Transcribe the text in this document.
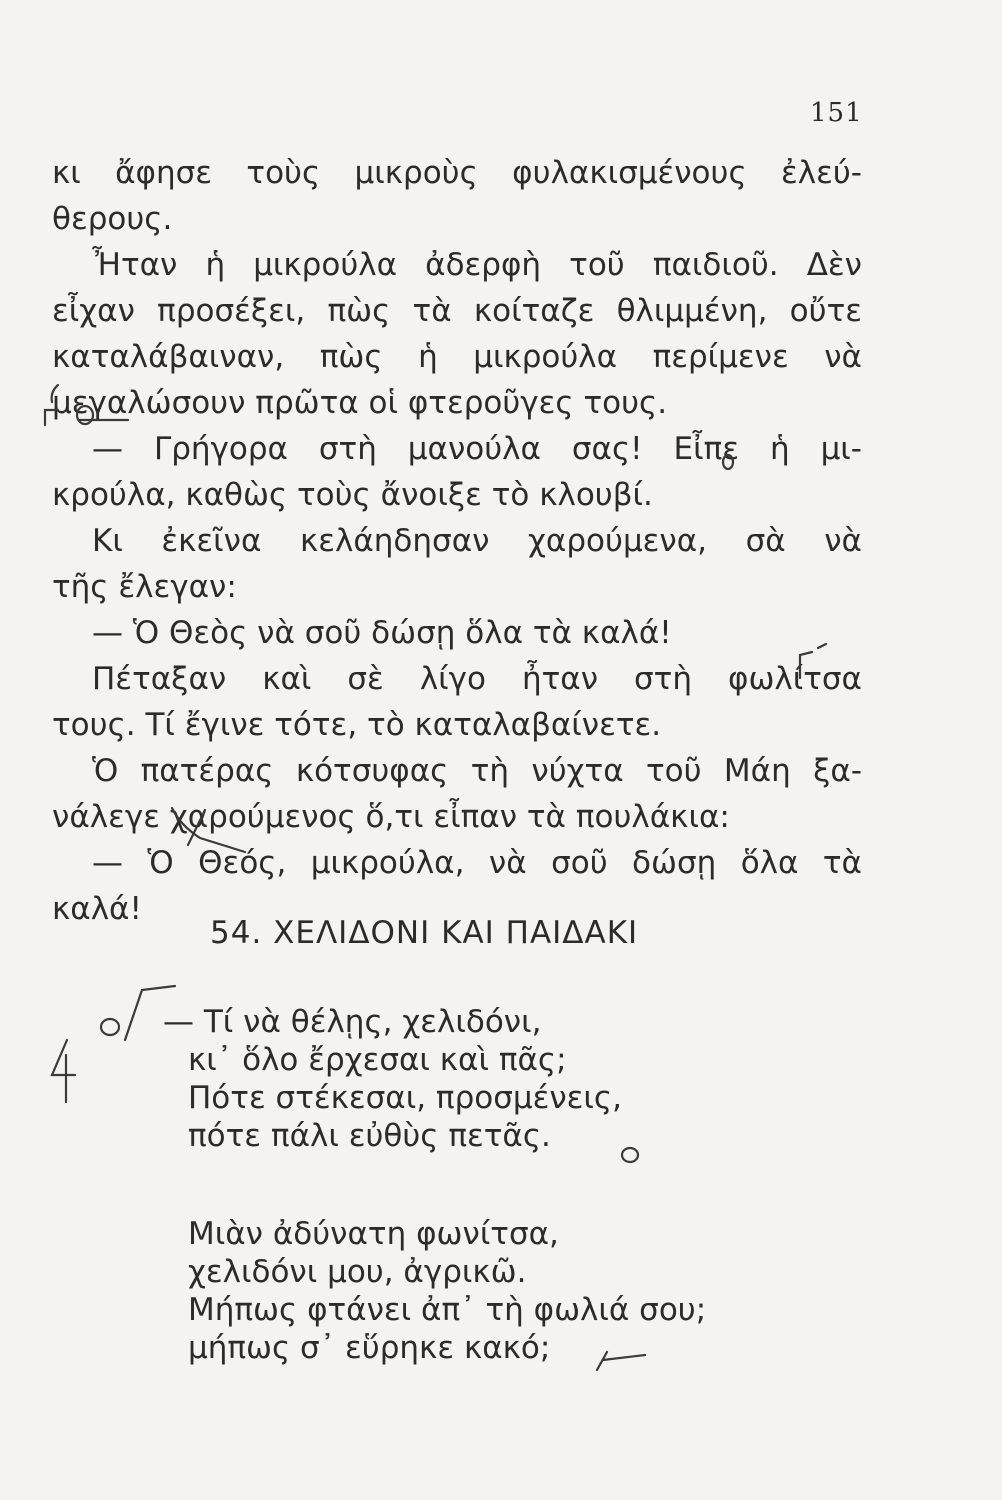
151
κι ἄφησε τοὺς μικροὺς φυλακισμένους ἐλεύ-
θερους.
Ἦταν ἡ μικρούλα ἀδερφὴ τοῦ παιδιοῦ. Δὲν
εἶχαν προσέξει, πὼς τὰ κοίταζε θλιμμένη, οὔτε
καταλάβαιναν, πὼς ἡ μικρούλα περίμενε νὰ
μεγαλώσουν πρῶτα οἱ φτεροῦγες τους.
— Γρήγορα στὴ μανούλα σας! Εἶπε ἡ μι-
κρούλα, καθὼς τοὺς ἄνοιξε τὸ κλουβί.
Κι ἐκεῖνα κελάηδησαν χαρούμενα, σὰ νὰ
τῆς ἔλεγαν:
— Ὁ Θεὸς νὰ σοῦ δώσῃ ὅλα τὰ καλά!
Πέταξαν καὶ σὲ λίγο ἦταν στὴ φωλίτσα
τους. Τί ἔγινε τότε, τὸ καταλαβαίνετε.
Ὁ πατέρας κότσυφας τὴ νύχτα τοῦ Μάη ξα-
νάλεγε χαρούμενος ὅ,τι εἶπαν τὰ πουλάκια:
— Ὁ Θεός, μικρούλα, νὰ σοῦ δώσῃ ὅλα τὰ
καλά!
54. ΧΕΛΙΔΟΝΙ ΚΑΙ ΠΑΙΔΑΚΙ
— Τί νὰ θέλῃς, χελιδόνι,
κι᾽ ὅλο ἔρχεσαι καὶ πᾶς;
Πότε στέκεσαι, προσμένεις,
πότε πάλι εὐθὺς πετᾶς.
Μιὰν ἀδύνατη φωνίτσα,
χελιδόνι μου, ἀγρικῶ.
Μήπως φτάνει ἀπ᾽ τὴ φωλιά σου;
μήπως σ᾽ εὕρηκε κακό;
